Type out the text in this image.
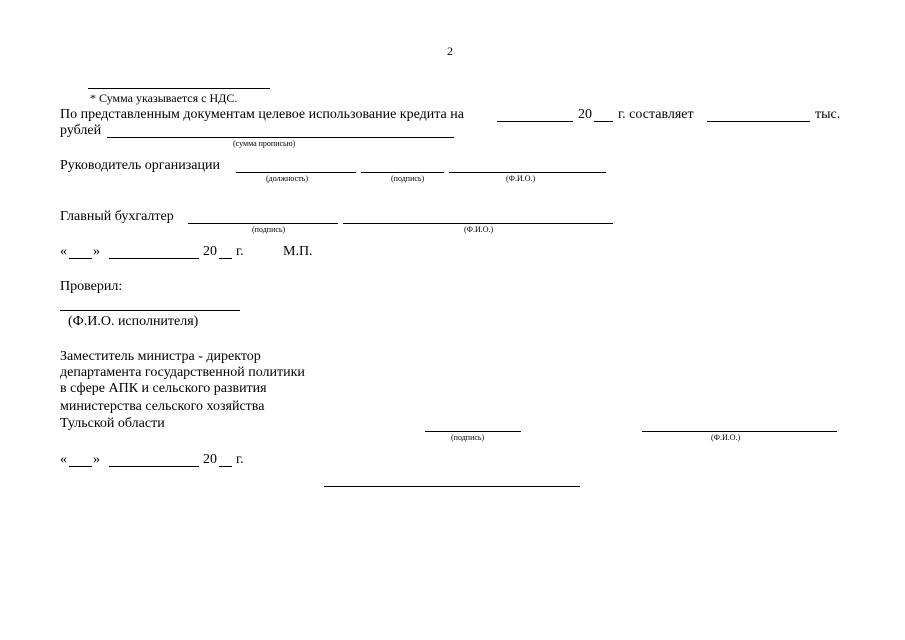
2
* Сумма указывается с НДС.
По представленным документам целевое использование кредита на	20 г. составляет	тыс.
рублей
(сумма прописью)
Руководитель организации
(должность)	(подпись)	(Ф.И.О.)
Главный бухгалтер
(подпись)	(Ф.И.О.)
« »	20 г.	М.П.
Проверил:
(Ф.И.О. исполнителя)
Заместитель министра - директор
департамента государственной политики
в сфере АПК и сельского развития
министерства сельского хозяйства
Тульской области
(подпись)	(Ф.И.О.)
« »	20 г.
